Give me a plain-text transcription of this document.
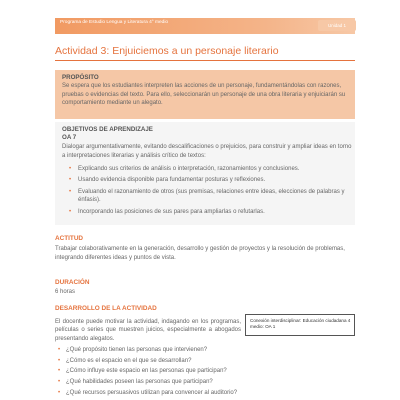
Programa de Estudio Lengua y Literatura 4° medio
Unidad 1
Actividad 3: Enjuiciemos a un personaje literario
PROPÓSITO
Se espera que los estudiantes interpreten las acciones de un personaje, fundamentándolas con razones, pruebas o evidencias del texto. Para ello, seleccionarán un personaje de una obra literaria y enjuiciarán su comportamiento mediante un alegato.
OBJETIVOS DE APRENDIZAJE
OA 7
Dialogar argumentativamente, evitando descalificaciones o prejuicios, para construir y ampliar ideas en torno a interpretaciones literarias y análisis crítico de textos:
• Explicando sus criterios de análisis o interpretación, razonamientos y conclusiones.
• Usando evidencia disponible para fundamentar posturas y reflexiones.
• Evaluando el razonamiento de otros (sus premisas, relaciones entre ideas, elecciones de palabras y énfasis).
• Incorporando las posiciones de sus pares para ampliarlas o refutarlas.
ACTITUD
Trabajar colaborativamente en la generación, desarrollo y gestión de proyectos y la resolución de problemas, integrando diferentes ideas y puntos de vista.
DURACIÓN
6 horas
DESARROLLO DE LA ACTIVIDAD
El docente puede motivar la actividad, indagando en los programas, películas o series que muestren juicios, especialmente a abogados presentando alegatos.
Conexión interdisciplinar: Educación ciudadana 4 medio: OA 1
• ¿Qué propósito tienen las personas que intervienen?
• ¿Cómo es el espacio en el que se desarrollan?
• ¿Cómo influye este espacio en las personas que participan?
• ¿Qué habilidades poseen las personas que participan?
• ¿Qué recursos persuasivos utilizan para convencer al auditorio?
